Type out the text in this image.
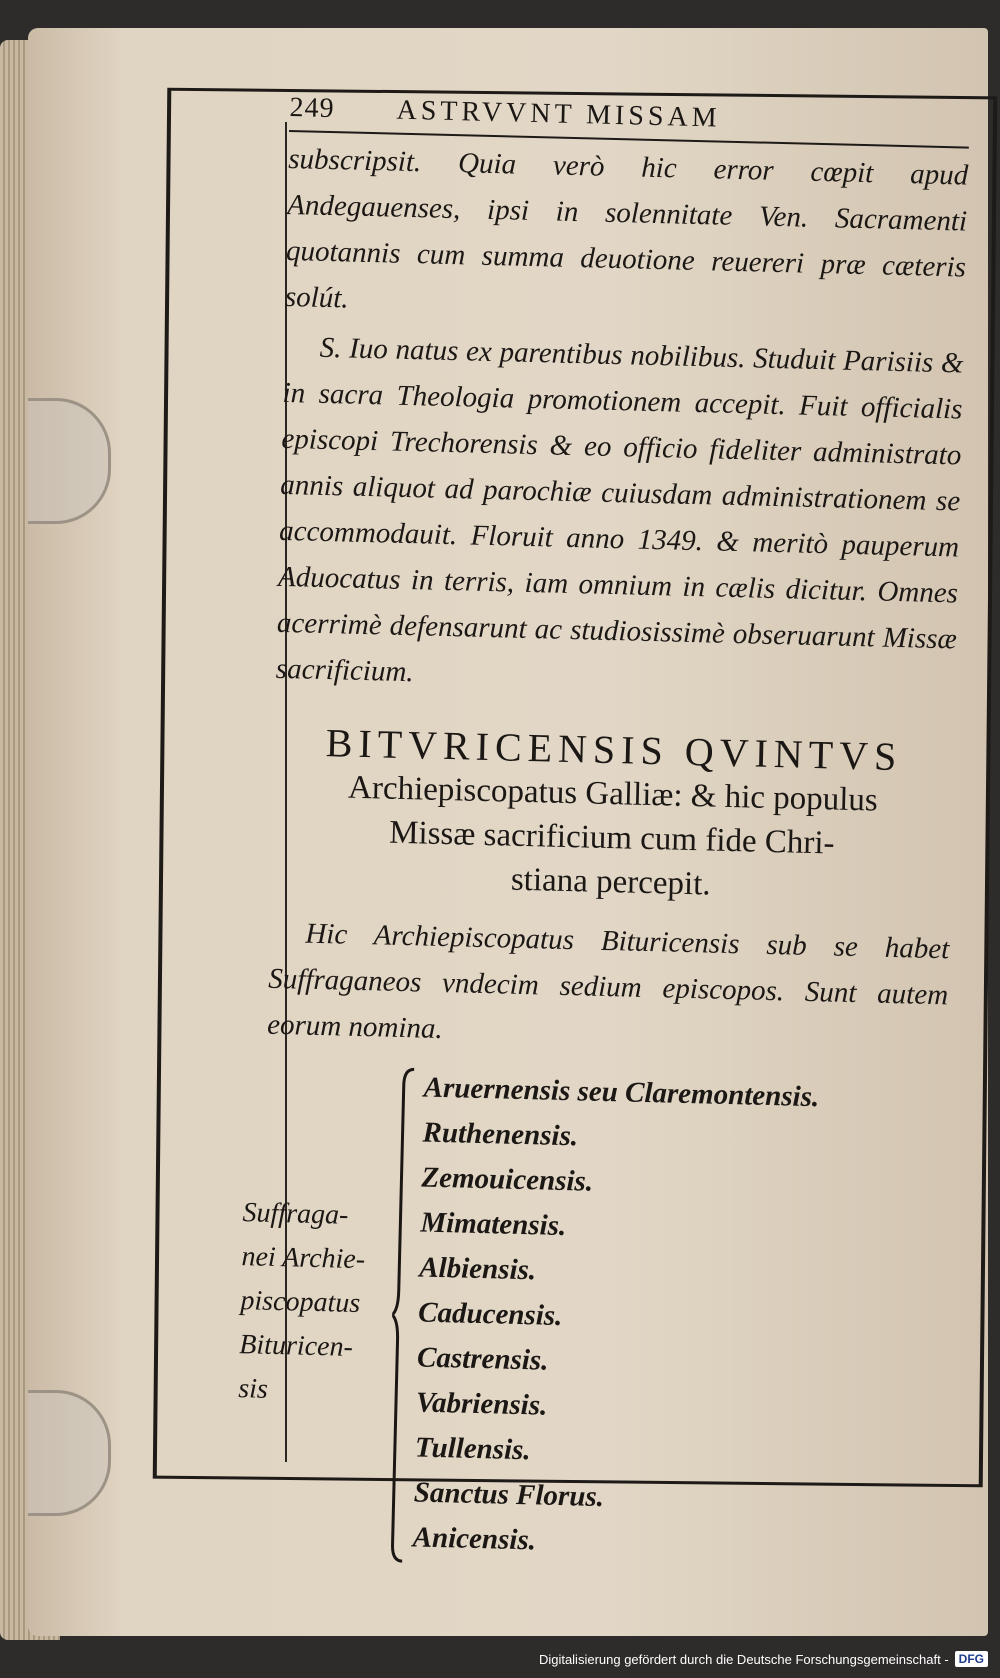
249 ASTRVVNT MISSAM

subscripsit. Quia verò hic error cœpit apud Andegauenses, ipsi in solennitate Ven. Sacramenti quotannis cum summa deuotione reuereri præ cæteris solút.

S. Iuo natus ex parentibus nobilibus. Studuit Parisiis & in sacra Theologia promotionem accepit. Fuit officialis episcopi Trechorensis & eo officio fideliter administrato annis aliquot ad parochiæ cuiusdam administrationem se accommodauit. Floruit anno 1349. & meritò pauperum Aduocatus in terris, iam omnium in cælis dicitur. Omnes acerrimè defensarunt ac studiosissimè obseruarunt Missæ sacrificium.

BITVRICENSIS QVINTVS
Archiepiscopatus Galliæ: & hic populus
Missæ sacrificium cum fide Chri-
stiana percepit.

Hic Archiepiscopatus Bituricensis sub se habet Suffraganeos vndecim sedium episcopos. Sunt autem eorum nomina.

Suffraga-
nei Archie-
piscopatus
Bituricen-
sis
Aruernensis seu Claremontensis.
Ruthenensis.
Zemouicensis.
Mimatensis.
Albiensis.
Caducensis.
Castrensis.
Vabriensis.
Tullensis.
Sanctus Florus.
Anicensis.
Digitalisierung gefördert durch die Deutsche Forschungsgemeinschaft - DFG
